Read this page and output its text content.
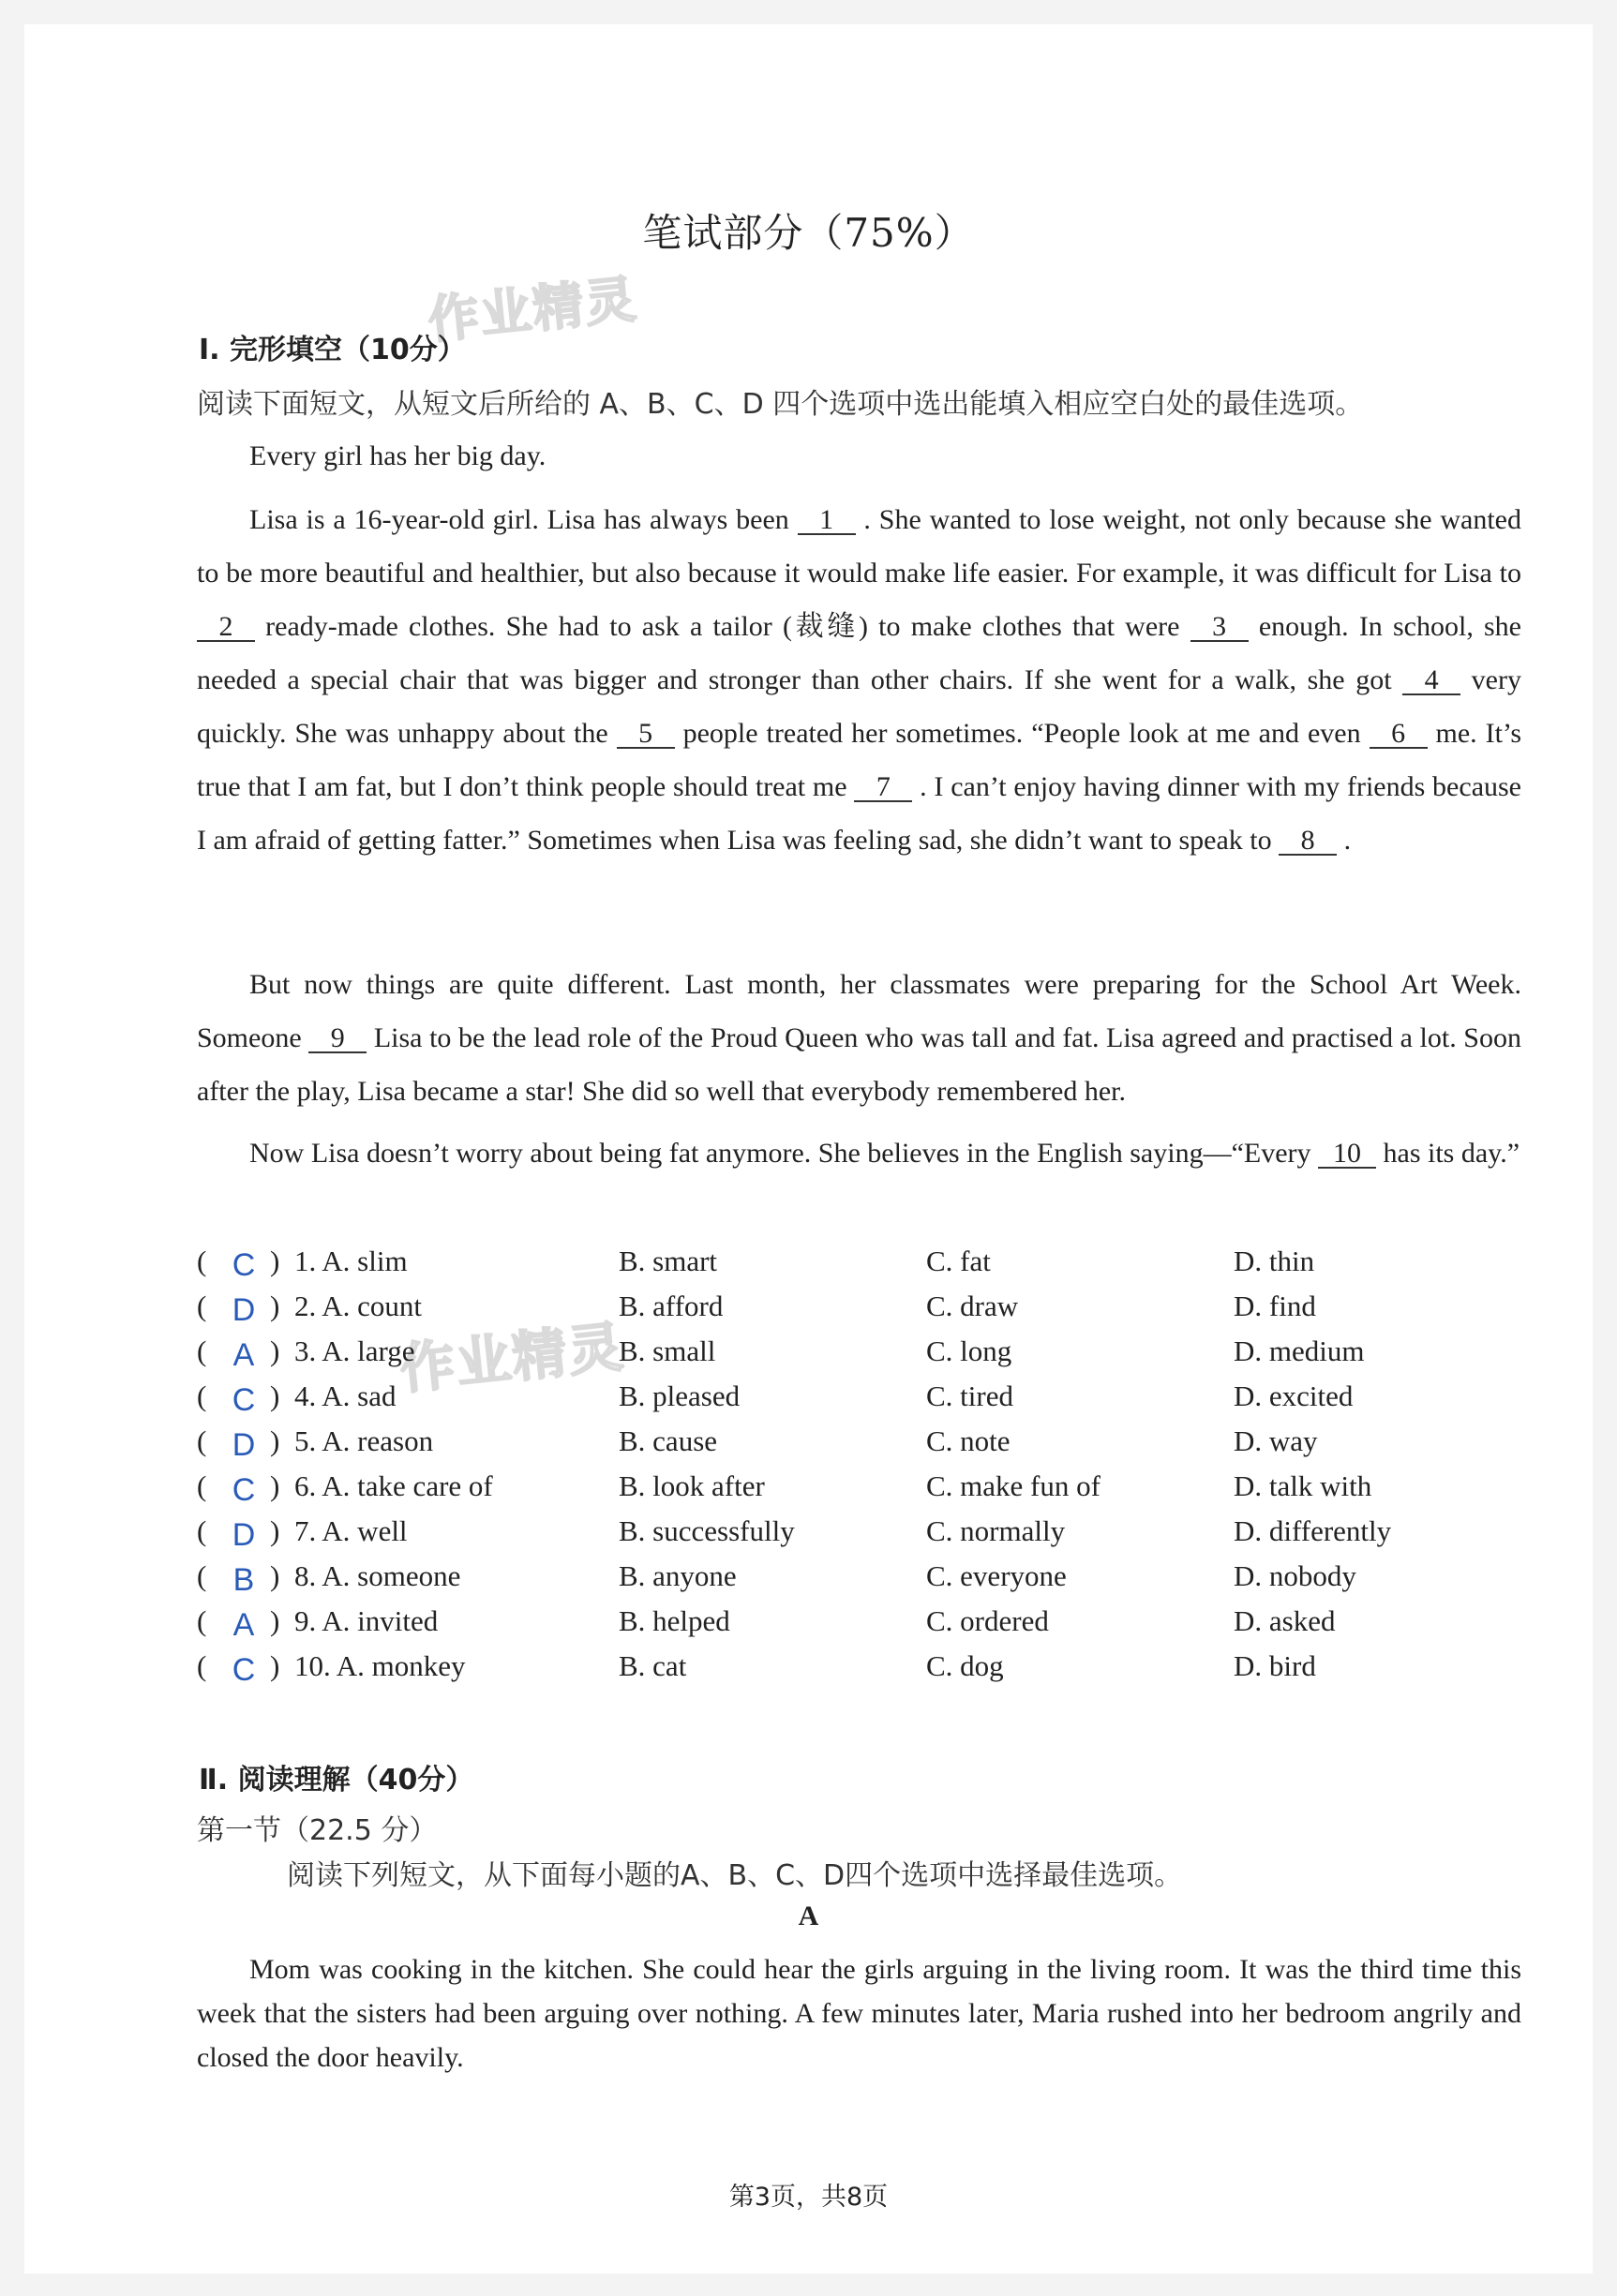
作业精灵
作业精灵
笔试部分（75%）
Ⅰ. 完形填空（10分）
阅读下面短文，从短文后所给的 A、B、C、D 四个选项中选出能填入相应空白处的最佳选项。
Every girl has her big day.
Lisa is a 16-year-old girl. Lisa has always been 1 . She wanted to lose weight, not only because she wanted to be more beautiful and healthier, but also because it would make life easier. For example, it was difficult for Lisa to 2 ready-made clothes. She had to ask a tailor (裁缝) to make clothes that were 3 enough. In school, she needed a special chair that was bigger and stronger than other chairs. If she went for a walk, she got 4 very quickly. She was unhappy about the 5 people treated her sometimes. “People look at me and even 6 me. It’s true that I am fat, but I don’t think people should treat me 7 . I can’t enjoy having dinner with my friends because I am afraid of getting fatter.” Sometimes when Lisa was feeling sad, she didn’t want to speak to 8 .
But now things are quite different. Last month, her classmates were preparing for the School Art Week. Someone 9 Lisa to be the lead role of the Proud Queen who was tall and fat. Lisa agreed and practised a lot. Soon after the play, Lisa became a star! She did so well that everybody remembered her.
Now Lisa doesn’t worry about being fat anymore. She believes in the English saying—“Every 10 has its day.”
( C ) 1. A. slim	B. smart	C. fat	D. thin
( D ) 2. A. count	B. afford	C. draw	D. find
( A ) 3. A. large	B. small	C. long	D. medium
( C ) 4. A. sad	B. pleased	C. tired	D. excited
( D ) 5. A. reason	B. cause	C. note	D. way
( C ) 6. A. take care of	B. look after	C. make fun of	D. talk with
( D ) 7. A. well	B. successfully	C. normally	D. differently
( B ) 8. A. someone	B. anyone	C. everyone	D. nobody
( A ) 9. A. invited	B. helped	C. ordered	D. asked
( C ) 10. A. monkey	B. cat	C. dog	D. bird
Ⅱ. 阅读理解（40分）
第一节（22.5 分）
阅读下列短文，从下面每小题的A、B、C、D四个选项中选择最佳选项。
A
Mom was cooking in the kitchen. She could hear the girls arguing in the living room. It was the third time this week that the sisters had been arguing over nothing. A few minutes later, Maria rushed into her bedroom angrily and closed the door heavily.
第3页，共8页
